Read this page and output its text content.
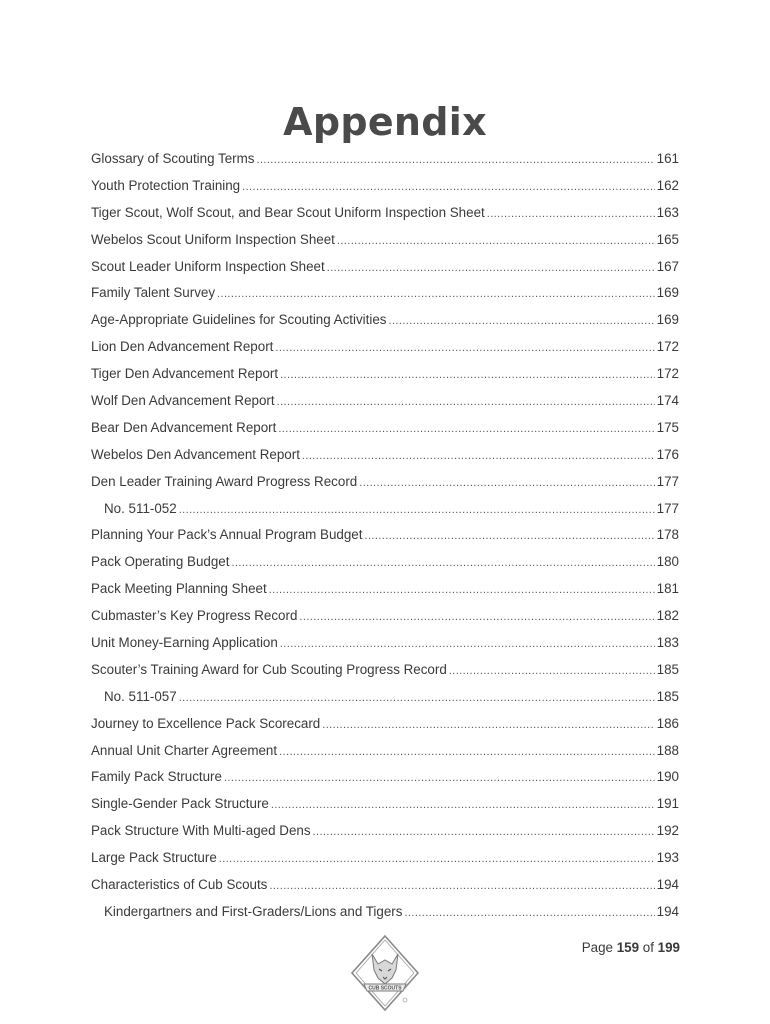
Appendix
Glossary of Scouting Terms .....	161
Youth Protection Training .....	162
Tiger Scout, Wolf Scout, and Bear Scout Uniform Inspection Sheet .....	163
Webelos Scout Uniform Inspection Sheet .....	165
Scout Leader Uniform Inspection Sheet .....	167
Family Talent Survey .....	169
Age-Appropriate Guidelines for Scouting Activities .....	169
Lion Den Advancement Report .....	172
Tiger Den Advancement Report .....	172
Wolf Den Advancement Report .....	174
Bear Den Advancement Report .....	175
Webelos Den Advancement Report .....	176
Den Leader Training Award Progress Record .....	177
No. 511-052 .....	177
Planning Your Pack’s Annual Program Budget .....	178
Pack Operating Budget .....	180
Pack Meeting Planning Sheet .....	181
Cubmaster’s Key Progress Record .....	182
Unit Money-Earning Application .....	183
Scouter’s Training Award for Cub Scouting Progress Record .....	185
No. 511-057 .....	185
Journey to Excellence Pack Scorecard .....	186
Annual Unit Charter Agreement .....	188
Family Pack Structure .....	190
Single-Gender Pack Structure .....	191
Pack Structure With Multi-aged Dens .....	192
Large Pack Structure .....	193
Characteristics of Cub Scouts .....	194
Kindergartners and First-Graders/Lions and Tigers .....	194
Page 159 of 199
CUB SCOUTS
